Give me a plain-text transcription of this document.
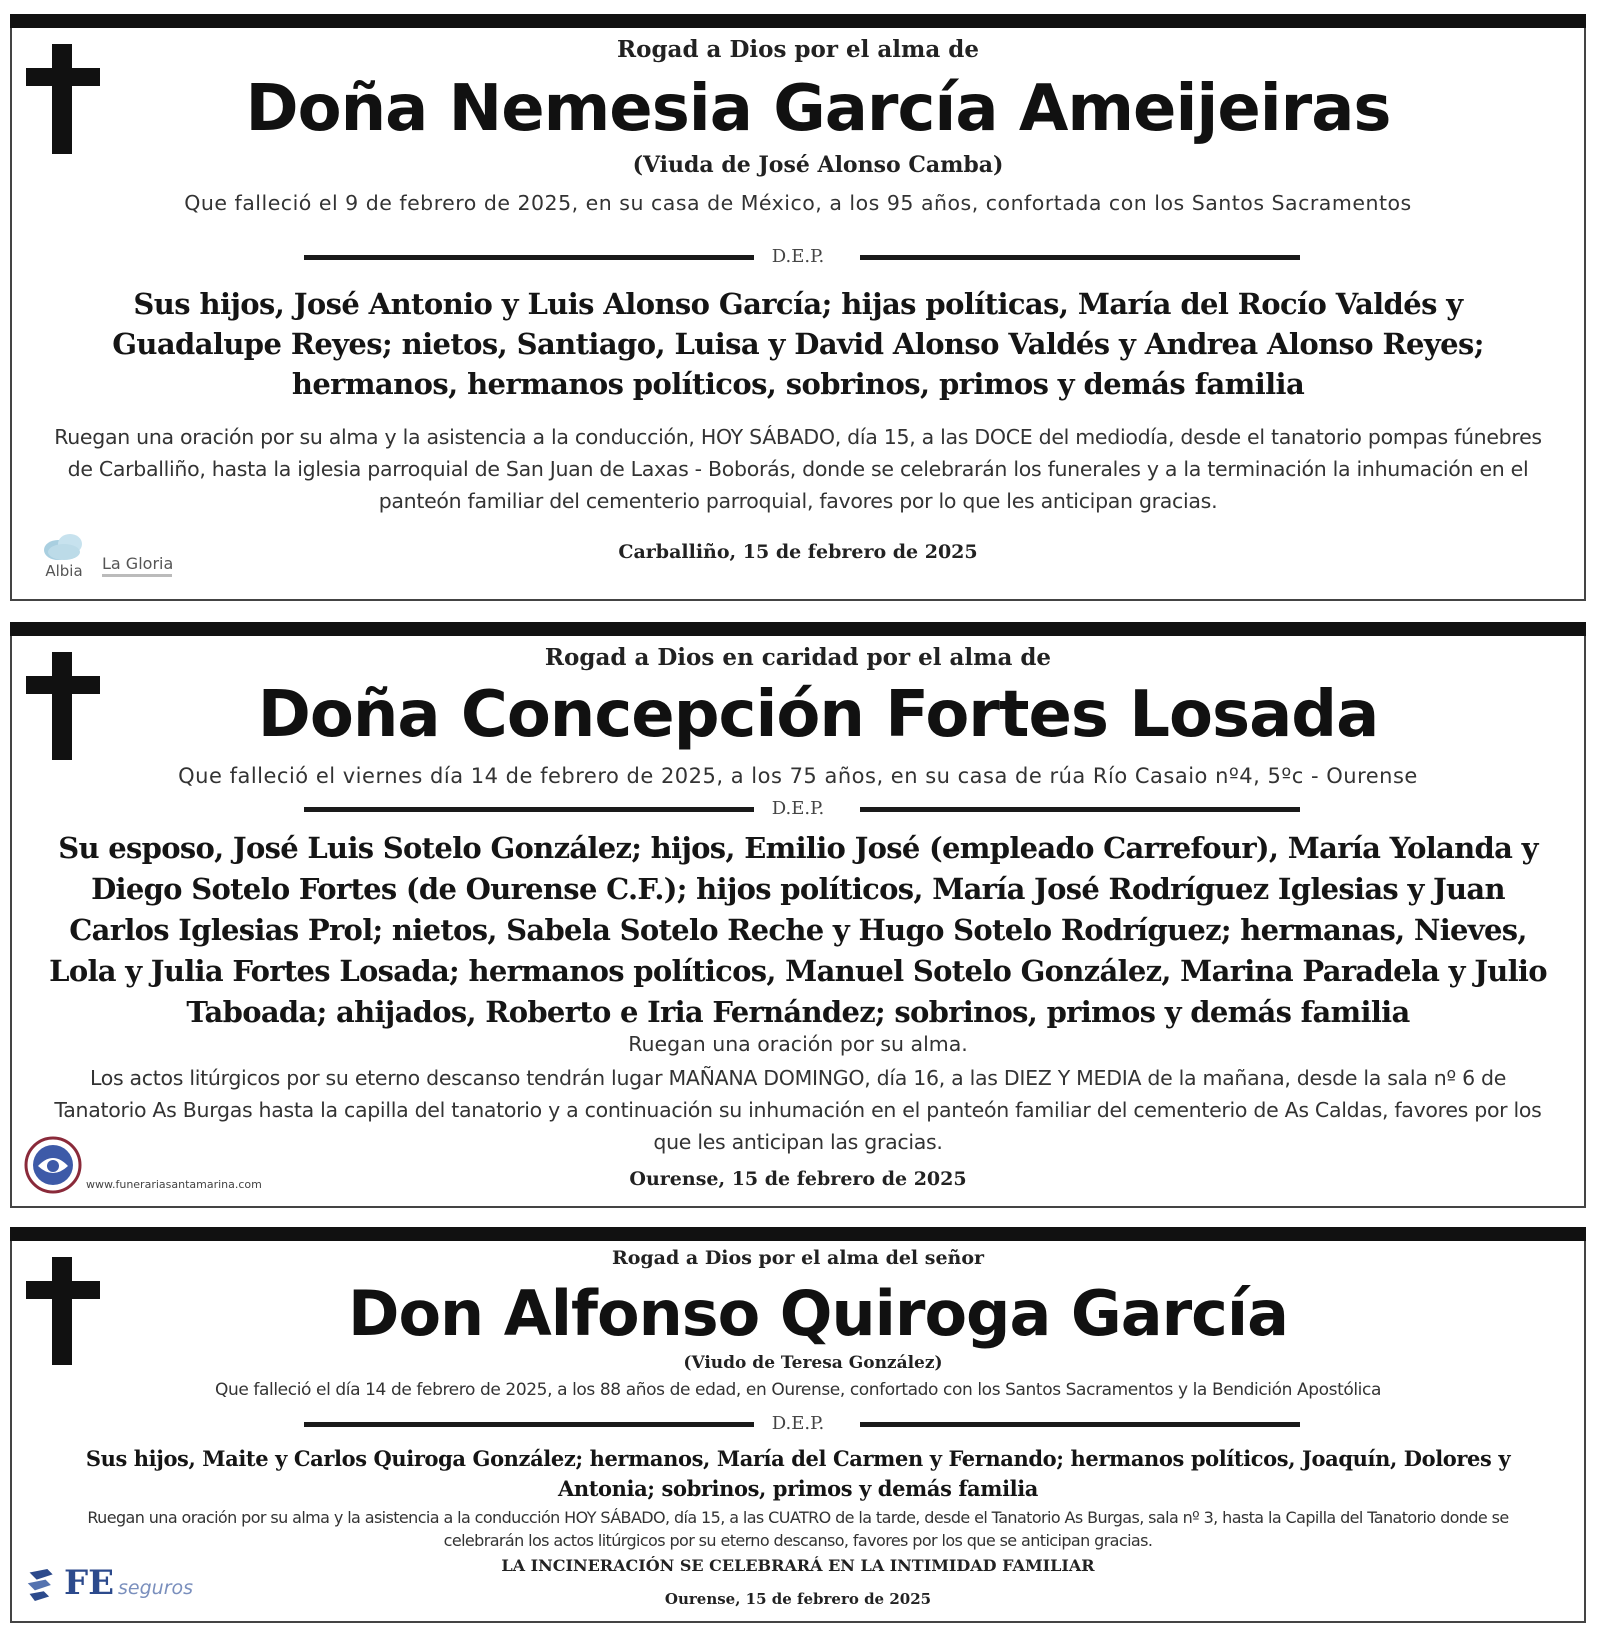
Rogad a Dios por el alma de
Doña Nemesia García Ameijeiras
(Viuda de José Alonso Camba)
Que falleció el 9 de febrero de 2025, en su casa de México, a los 95 años, confortada con los Santos Sacramentos
D.E.P.
Sus hijos, José Antonio y Luis Alonso García; hijas políticas, María del Rocío Valdés y Guadalupe Reyes; nietos, Santiago, Luisa y David Alonso Valdés y Andrea Alonso Reyes; hermanos, hermanos políticos, sobrinos, primos y demás familia
Ruegan una oración por su alma y la asistencia a la conducción, HOY SÁBADO, día 15, a las DOCE del mediodía, desde el tanatorio pompas fúnebres de Carballiño, hasta la iglesia parroquial de San Juan de Laxas - Boborás, donde se celebrarán los funerales y a la terminación la inhumación en el panteón familiar del cementerio parroquial, favores por lo que les anticipan gracias.
Carballiño, 15 de febrero de 2025
Albia	La Gloria
Rogad a Dios en caridad por el alma de
Doña Concepción Fortes Losada
Que falleció el viernes día 14 de febrero de 2025, a los 75 años, en su casa de rúa Río Casaio nº4, 5ºc - Ourense
D.E.P.
Su esposo, José Luis Sotelo González; hijos, Emilio José (empleado Carrefour), María Yolanda y Diego Sotelo Fortes (de Ourense C.F.); hijos políticos, María José Rodríguez Iglesias y Juan Carlos Iglesias Prol; nietos, Sabela Sotelo Reche y Hugo Sotelo Rodríguez; hermanas, Nieves, Lola y Julia Fortes Losada; hermanos políticos, Manuel Sotelo González, Marina Paradela y Julio Taboada; ahijados, Roberto e Iria Fernández; sobrinos, primos y demás familia
Ruegan una oración por su alma.
Los actos litúrgicos por su eterno descanso tendrán lugar MAÑANA DOMINGO, día 16, a las DIEZ Y MEDIA de la mañana, desde la sala nº 6 de Tanatorio As Burgas hasta la capilla del tanatorio y a continuación su inhumación en el panteón familiar del cementerio de As Caldas, favores por los que les anticipan las gracias.
Ourense, 15 de febrero de 2025
www.funerariasantamarina.com
Rogad a Dios por el alma del señor
Don Alfonso Quiroga García
(Viudo de Teresa González)
Que falleció el día 14 de febrero de 2025, a los 88 años de edad, en Ourense, confortado con los Santos Sacramentos y la Bendición Apostólica
D.E.P.
Sus hijos, Maite y Carlos Quiroga González; hermanos, María del Carmen y Fernando; hermanos políticos, Joaquín, Dolores y Antonia; sobrinos, primos y demás familia
Ruegan una oración por su alma y la asistencia a la conducción HOY SÁBADO, día 15, a las CUATRO de la tarde, desde el Tanatorio As Burgas, sala nº 3, hasta la Capilla del Tanatorio donde se celebrarán los actos litúrgicos por su eterno descanso, favores por los que se anticipan gracias.
LA INCINERACIÓN SE CELEBRARÁ EN LA INTIMIDAD FAMILIAR
Ourense, 15 de febrero de 2025
FE seguros
